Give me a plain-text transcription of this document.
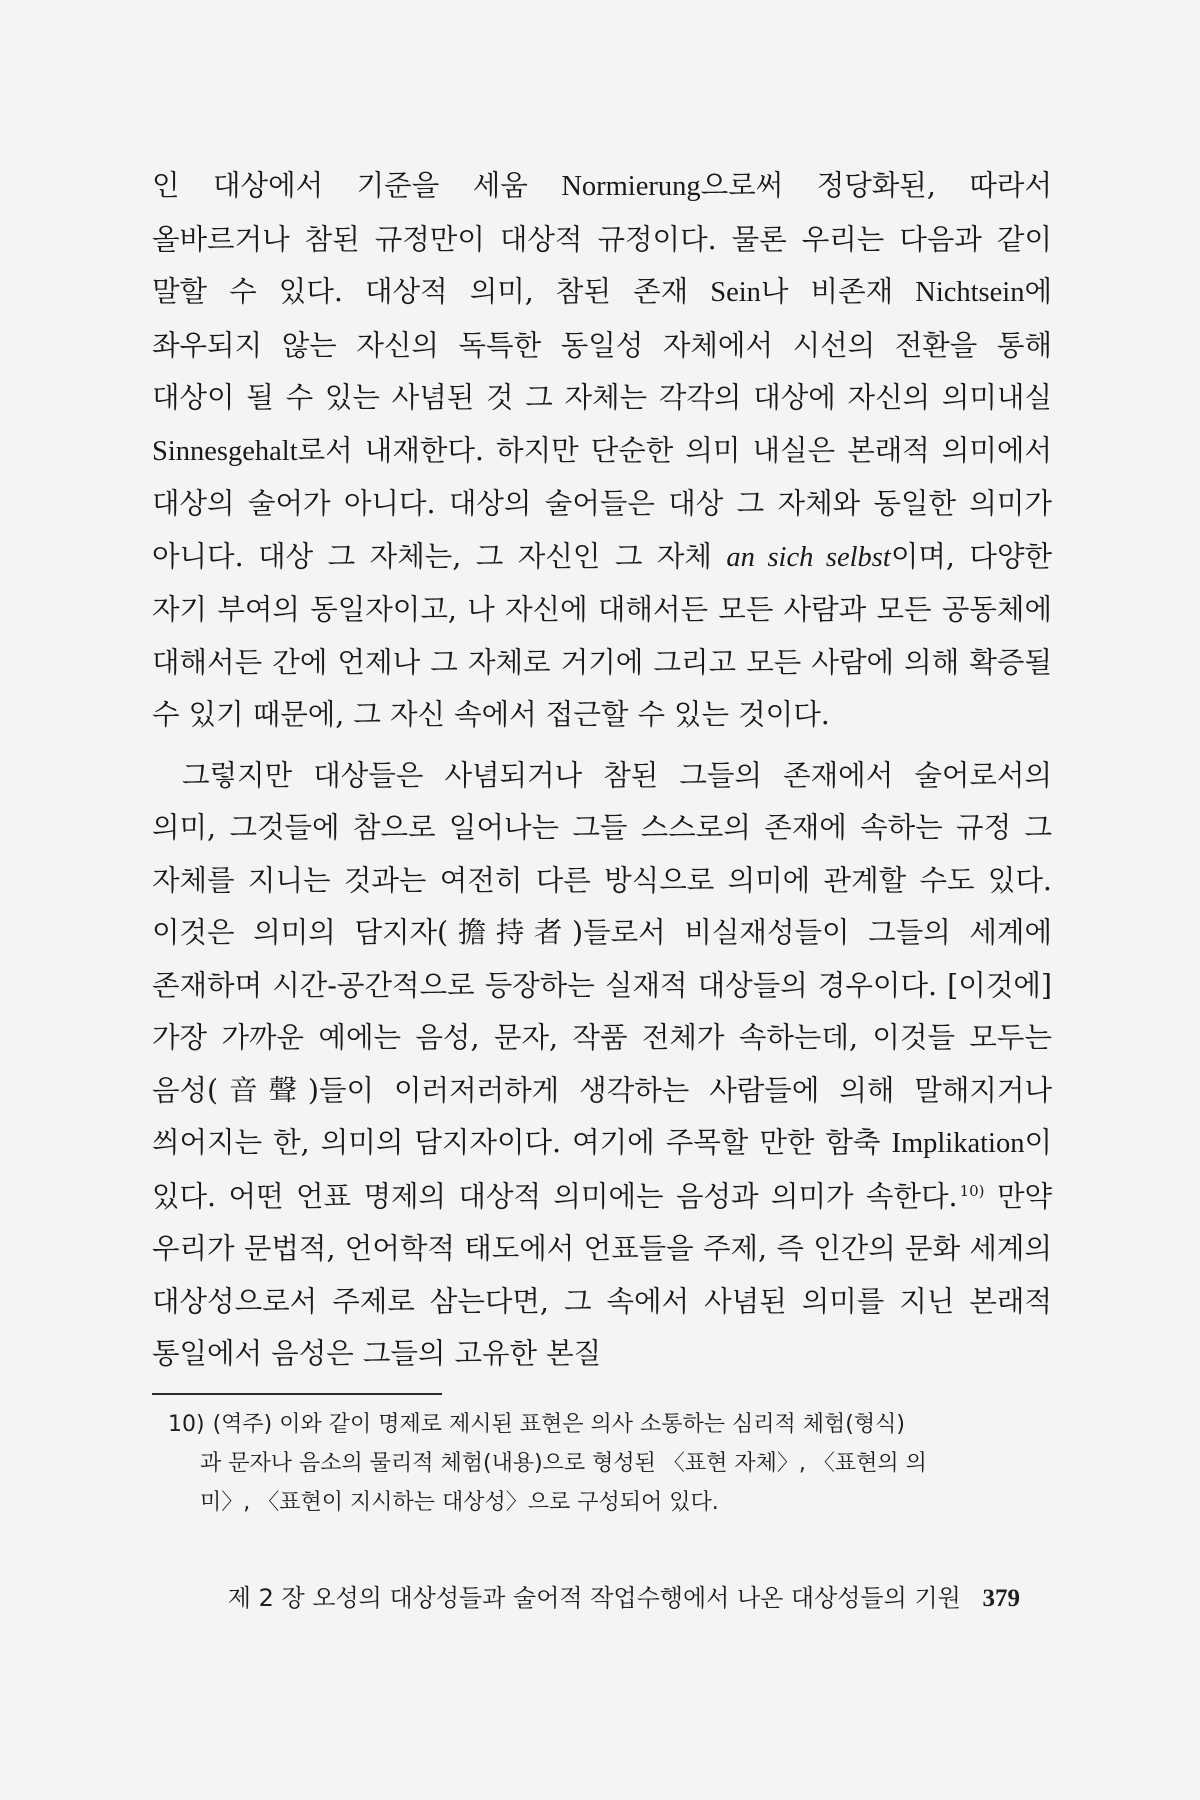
인 대상에서 기준을 세움 Normierung으로써 정당화된, 따라서 올바르거나 참된 규정만이 대상적 규정이다. 물론 우리는 다음과 같이 말할 수 있다. 대상적 의미, 참된 존재 Sein나 비존재 Nichtsein에 좌우되지 않는 자신의 독특한 동일성 자체에서 시선의 전환을 통해 대상이 될 수 있는 사념된 것 그 자체는 각각의 대상에 자신의 의미내실 Sinnesgehalt로서 내재한다. 하지만 단순한 의미 내실은 본래적 의미에서 대상의 술어가 아니다. 대상의 술어들은 대상 그 자체와 동일한 의미가 아니다. 대상 그 자체는, 그 자신인 그 자체 an sich selbst이며, 다양한 자기 부여의 동일자이고, 나 자신에 대해서든 모든 사람과 모든 공동체에 대해서든 간에 언제나 그 자체로 거기에 그리고 모든 사람에 의해 확증될 수 있기 때문에, 그 자신 속에서 접근할 수 있는 것이다.

그렇지만 대상들은 사념되거나 참된 그들의 존재에서 술어로서의 의미, 그것들에 참으로 일어나는 그들 스스로의 존재에 속하는 규정 그 자체를 지니는 것과는 여전히 다른 방식으로 의미에 관계할 수도 있다. 이것은 의미의 담지자(擔持者)들로서 비실재성들이 그들의 세계에 존재하며 시간-공간적으로 등장하는 실재적 대상들의 경우이다. [이것에] 가장 가까운 예에는 음성, 문자, 작품 전체가 속하는데, 이것들 모두는 음성(音聲)들이 이러저러하게 생각하는 사람들에 의해 말해지거나 씌어지는 한, 의미의 담지자이다. 여기에 주목할 만한 함축 Implikation이 있다. 어떤 언표 명제의 대상적 의미에는 음성과 의미가 속한다. $^{10)}$ 만약 우리가 문법적, 언어학적 태도에서 언표들을 주제, 즉 인간의 문화 세계의 대상성으로서 주제로 삼는다면, 그 속에서 사념된 의미를 지닌 본래적 통일에서 음성은 그들의 고유한 본질

10) (역주) 이와 같이 명제로 제시된 표현은 의사 소통하는 심리적 체험(형식)
과 문자나 음소의 물리적 체험(내용)으로 형성된 〈표현 자체〉, 〈표현의 의
미〉, 〈표현이 지시하는 대상성〉으로 구성되어 있다.
제 2 장 오성의 대상성들과 술어적 작업수행에서 나온 대상성들의 기원 379
